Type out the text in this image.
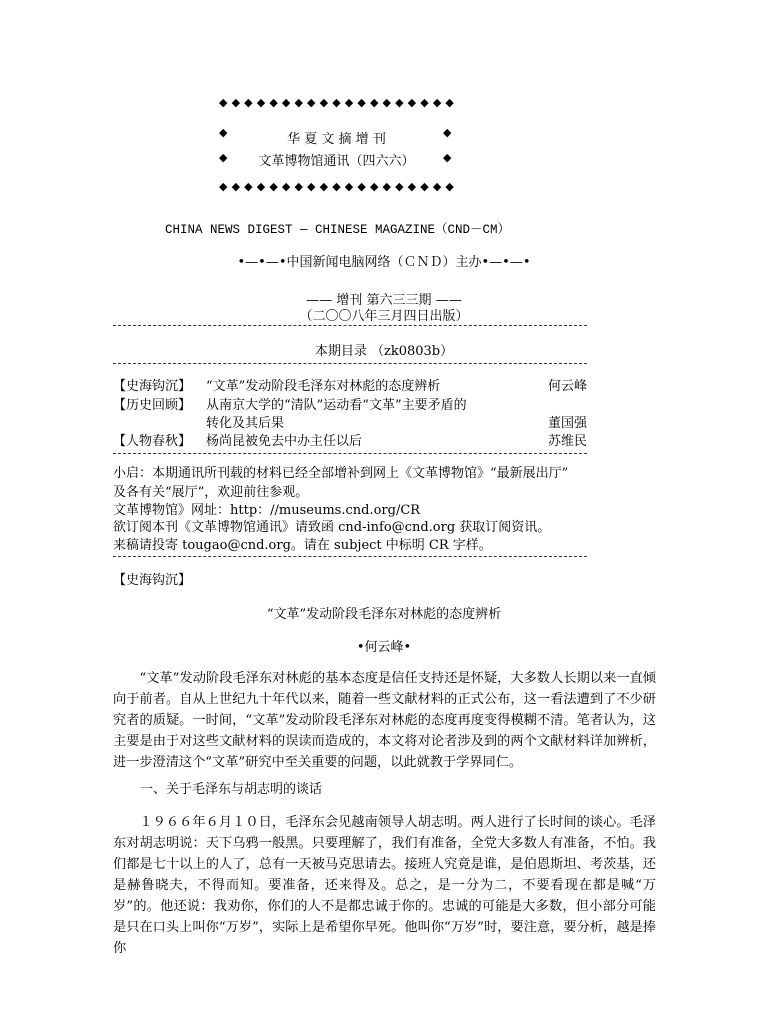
◆ ◆ ◆ ◆ ◆ ◆ ◆ ◆ ◆ ◆ ◆ ◆ ◆ ◆ ◆ ◆ ◆ ◆ ◆
◆ ◆ ◆ ◆ ◆ ◆ ◆ ◆ ◆ ◆ ◆ ◆ ◆ ◆ ◆ ◆ ◆ ◆ ◆
◆
◆
◆
◆
华 夏 文 摘 增 刊
文革博物馆通讯（四六六）
CHINA NEWS DIGEST — CHINESE MAGAZINE（CND－CM）
•—•—•中国新闻电脑网络（ＣＮＤ）主办•—•—•
—— 增刊 第六三三期 ——
（二〇〇八年三月四日出版）
本期目录 （zk0803b）
【史海钩沉】 “文革”发动阶段毛泽东对林彪的态度辨析	何云峰
【历史回顾】 从南京大学的“清队”运动看“文革”主要矛盾的
转化及其后果	董国强
【人物春秋】 杨尚昆被免去中办主任以后	苏维民
小启：本期通讯所刊载的材料已经全部增补到网上《文革博物馆》“最新展出厅”
及各有关“展厅”，欢迎前往参观。
文革博物馆》网址：http：//museums.cnd.org/CR
欲订阅本刊《文革博物馆通讯》请致函 cnd-info@cnd.org 获取订阅资讯。
来稿请投寄 tougao@cnd.org。请在 subject 中标明 CR 字样。
【史海钩沉】
“文革”发动阶段毛泽东对林彪的态度辨析
•何云峰•
“文革”发动阶段毛泽东对林彪的基本态度是信任支持还是怀疑，大多数人长期以来一直倾向于前者。自从上世纪九十年代以来，随着一些文献材料的正式公布，这一看法遭到了不少研究者的质疑。一时间，“文革”发动阶段毛泽东对林彪的态度再度变得模糊不清。笔者认为，这主要是由于对这些文献材料的误读而造成的，本文将对论者涉及到的两个文献材料详加辨析，进一步澄清这个“文革”研究中至关重要的问题，以此就教于学界同仁。
一、关于毛泽东与胡志明的谈话
１９６６年６月１０日，毛泽东会见越南领导人胡志明。两人进行了长时间的谈心。毛泽东对胡志明说：天下乌鸦一般黑。只要理解了，我们有准备，全党大多数人有准备，不怕。我们都是七十以上的人了，总有一天被马克思请去。接班人究竟是谁，是伯恩斯坦、考茨基，还是赫鲁晓夫，不得而知。要准备，还来得及。总之，是一分为二，不要看现在都是喊“万岁”的。他还说：我劝你，你们的人不是都忠诚于你的。忠诚的可能是大多数，但小部分可能是只在口头上叫你“万岁”，实际上是希望你早死。他叫你“万岁”时，要注意，要分析，越是捧你
